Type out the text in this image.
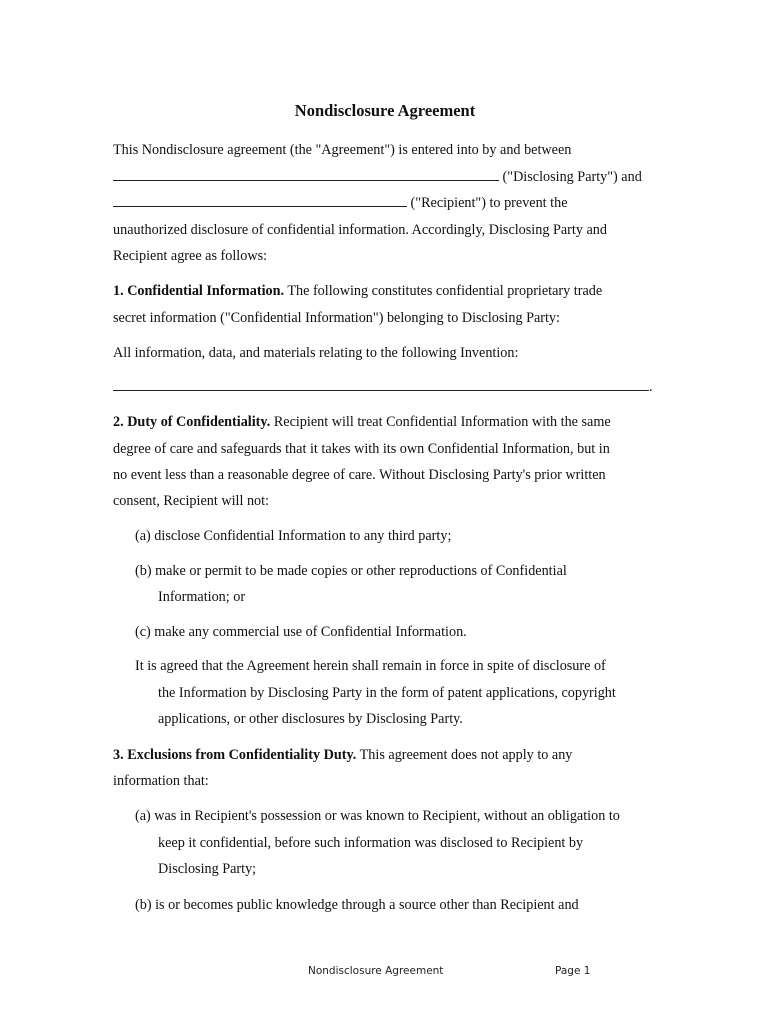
Nondisclosure Agreement
This Nondisclosure agreement (the "Agreement") is entered into by and between
("Disclosing Party") and
("Recipient") to prevent the
unauthorized disclosure of confidential information. Accordingly, Disclosing Party and
Recipient agree as follows:
1. Confidential Information. The following constitutes confidential proprietary trade
secret information ("Confidential Information") belonging to Disclosing Party:
All information, data, and materials relating to the following Invention:
.
2. Duty of Confidentiality. Recipient will treat Confidential Information with the same
degree of care and safeguards that it takes with its own Confidential Information, but in
no event less than a reasonable degree of care. Without Disclosing Party's prior written
consent, Recipient will not:
(a) disclose Confidential Information to any third party;
(b) make or permit to be made copies or other reproductions of Confidential
Information; or
(c) make any commercial use of Confidential Information.
It is agreed that the Agreement herein shall remain in force in spite of disclosure of
the Information by Disclosing Party in the form of patent applications, copyright
applications, or other disclosures by Disclosing Party.
3. Exclusions from Confidentiality Duty. This agreement does not apply to any
information that:
(a) was in Recipient's possession or was known to Recipient, without an obligation to
keep it confidential, before such information was disclosed to Recipient by
Disclosing Party;
(b) is or becomes public knowledge through a source other than Recipient and
Nondisclosure Agreement	Page 1
